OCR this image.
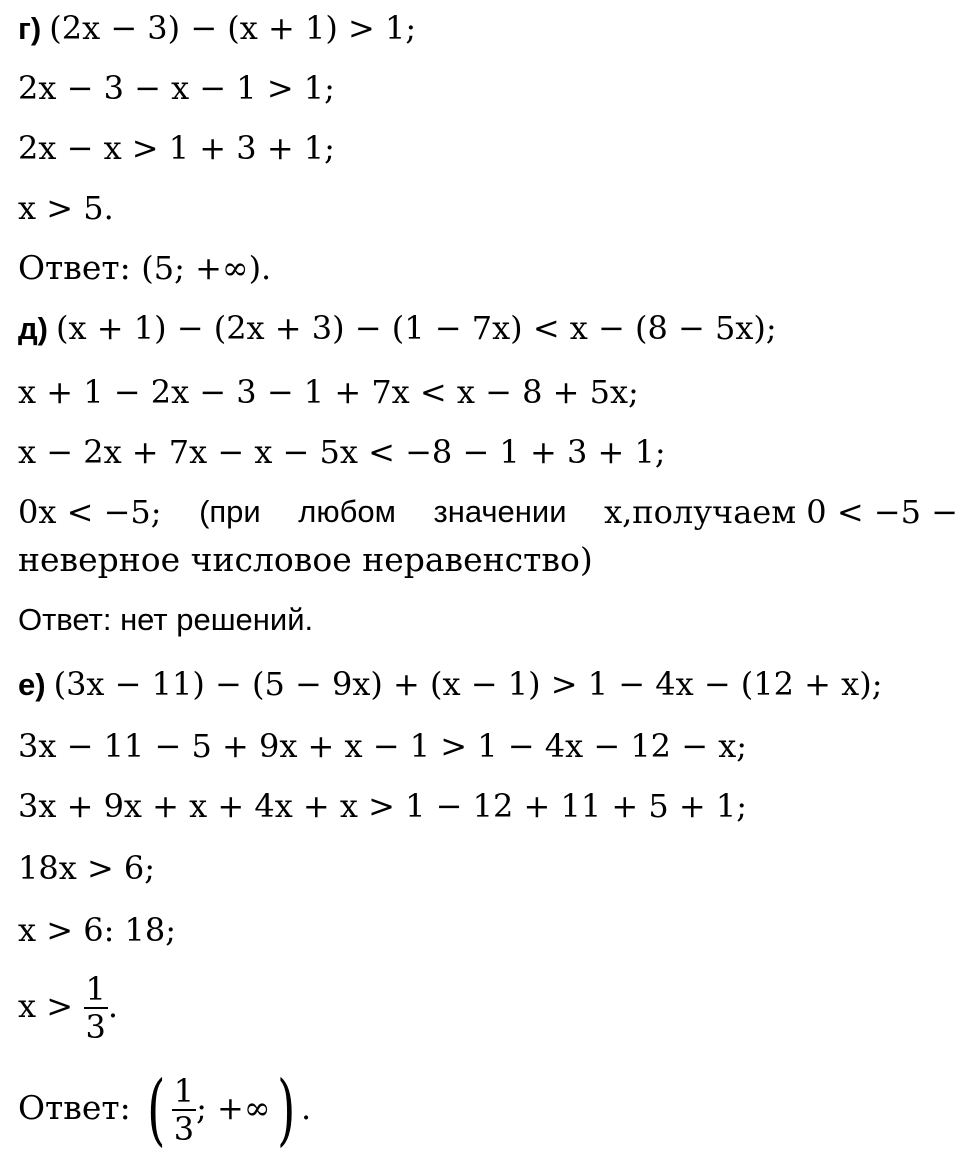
г) (2x − 3) − (x + 1) > 1;
2x − 3 − x − 1 > 1;
2x − x > 1 + 3 + 1;
x > 5.
Ответ: (5; +∞).
д) (x + 1) − (2x + 3) − (1 − 7x) < x − (8 − 5x);
x + 1 − 2x − 3 − 1 + 7x < x − 8 + 5x;
x − 2x + 7x − x − 5x < −8 − 1 + 3 + 1;
0x < −5; (при любом значении x,получаем 0 < −5 −
неверное числовое неравенство)
Ответ: нет решений.
е) (3x − 11) − (5 − 9x) + (x − 1) > 1 − 4x − (12 + x);
3x − 11 − 5 + 9x + x − 1 > 1 − 4x − 12 − x;
3x + 9x + x + 4x + x > 1 − 12 + 11 + 5 + 1;
18x > 6;
x > 6: 18;
$x > \frac{1}{3}$ .
Ответ: ( $\frac{1}{3}$ ; +∞) .
